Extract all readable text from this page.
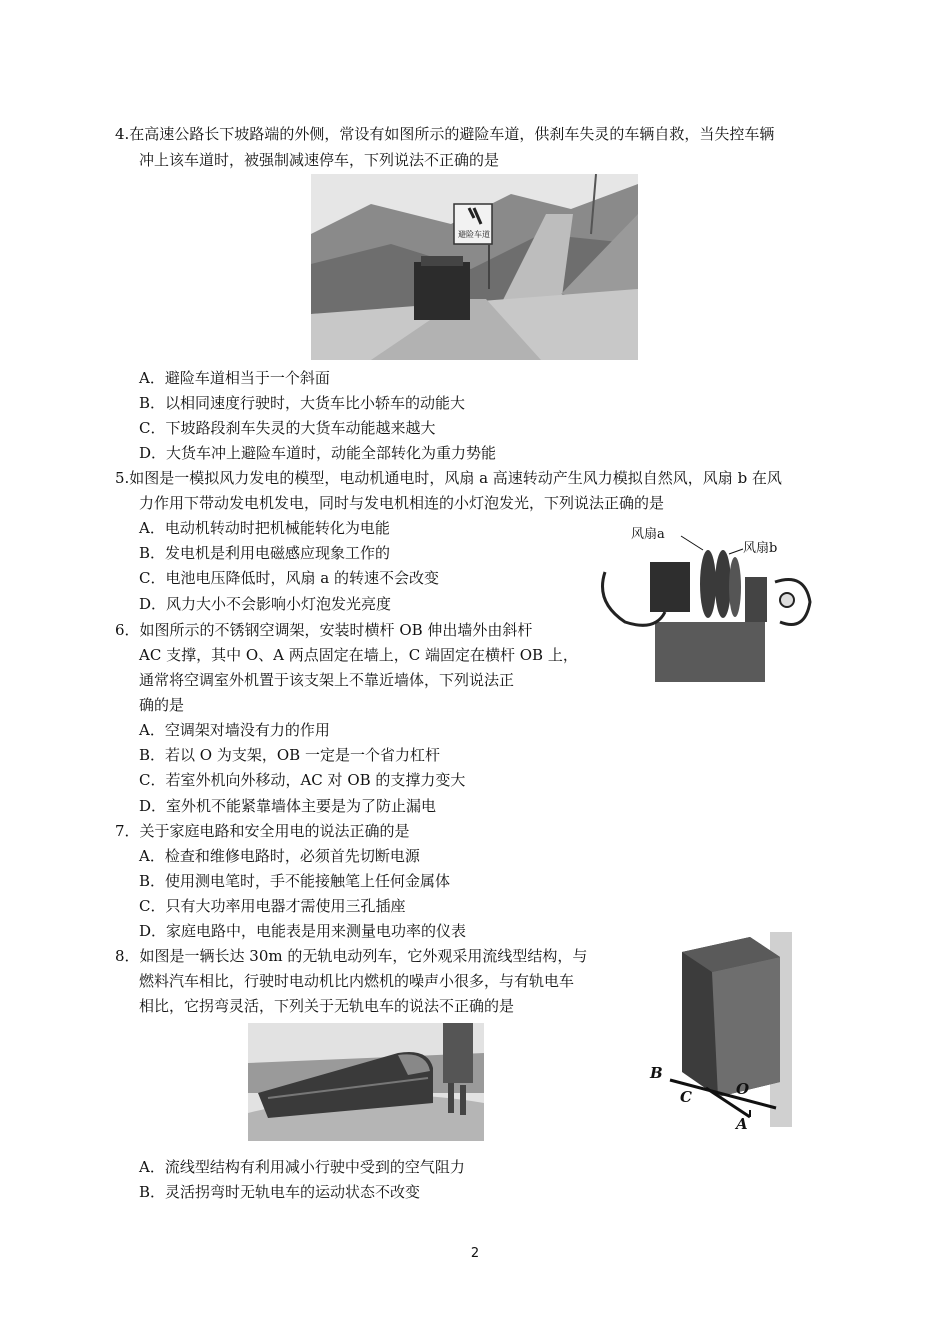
4.在高速公路长下坡路端的外侧，常设有如图所示的避险车道，供刹车失灵的车辆自救，当失控车辆
冲上该车道时，被强制减速停车，下列说法不正确的是
避险车道
A．避险车道相当于一个斜面
B．以相同速度行驶时，大货车比小轿车的动能大
C．下坡路段刹车失灵的大货车动能越来越大
D．大货车冲上避险车道时，动能全部转化为重力势能
5.如图是一模拟风力发电的模型，电动机通电时，风扇 a 高速转动产生风力模拟自然风，风扇 b 在风
力作用下带动发电机发电，同时与发电机相连的小灯泡发光，下列说法正确的是
A．电动机转动时把机械能转化为电能
B．发电机是利用电磁感应现象工作的
C．电池电压降低时，风扇 a 的转速不会改变
D．风力大小不会影响小灯泡发光亮度
风扇a
风扇b
6．如图所示的不锈钢空调架，安装时横杆 OB 伸出墙外由斜杆
AC 支撑，其中 O、A 两点固定在墙上，C 端固定在横杆 OB 上，
通常将空调室外机置于该支架上不靠近墙体，下列说法正
确的是
A．空调架对墙没有力的作用
B．若以 O 为支架，OB 一定是一个省力杠杆
C．若室外机向外移动，AC 对 OB 的支撑力变大
D．室外机不能紧靠墙体主要是为了防止漏电
7．关于家庭电路和安全用电的说法正确的是
A．检查和维修电路时，必须首先切断电源
B．使用测电笔时，手不能接触笔上任何金属体
C．只有大功率用电器才需使用三孔插座
D．家庭电路中，电能表是用来测量电功率的仪表
8．如图是一辆长达 30m 的无轨电动列车，它外观采用流线型结构，与
燃料汽车相比，行驶时电动机比内燃机的噪声小很多，与有轨电车
相比，它拐弯灵活，下列关于无轨电车的说法不正确的是
B
C	O
A
A．流线型结构有利用减小行驶中受到的空气阻力
B．灵活拐弯时无轨电车的运动状态不改变
2
